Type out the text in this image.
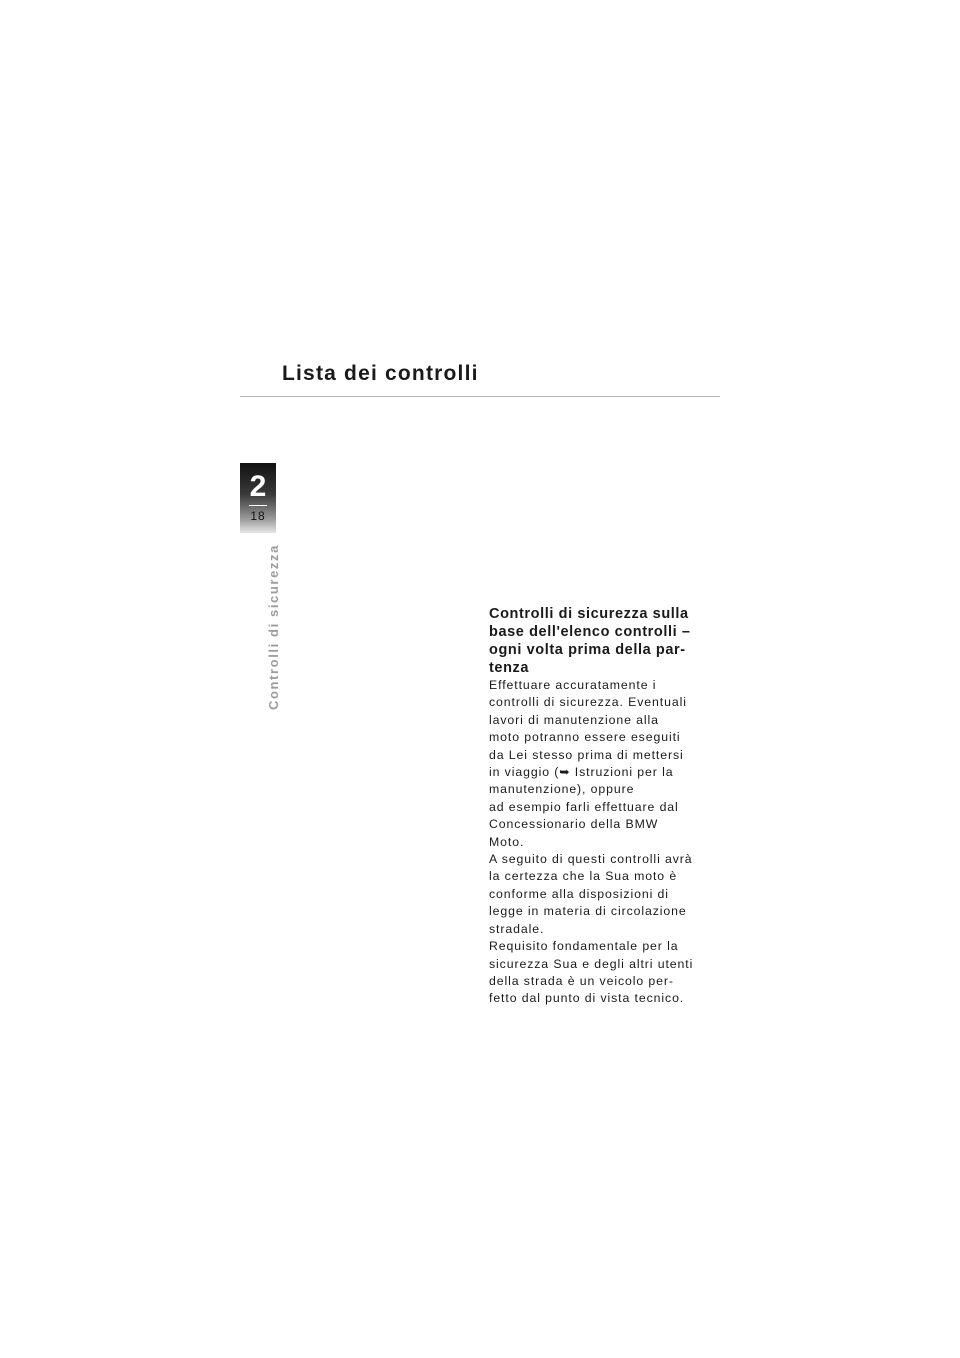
Lista dei controlli
2
18
Controlli di sicurezza	Controlli di sicurezza sulla
base dell'elenco controlli –
ogni volta prima della par-
tenza

Effettuare accuratamente i

controlli di sicurezza. Eventuali

lavori di manutenzione alla

moto potranno essere eseguiti

da Lei stesso prima di mettersi

in viaggio (➥ Istruzioni per la

manutenzione), oppure

ad esempio farli effettuare dal

Concessionario della BMW

Moto.

A seguito di questi controlli avrà

la certezza che la Sua moto è

conforme alla disposizioni di

legge in materia di circolazione

stradale.

Requisito fondamentale per la

sicurezza Sua e degli altri utenti

della strada è un veicolo per-

fetto dal punto di vista tecnico.
